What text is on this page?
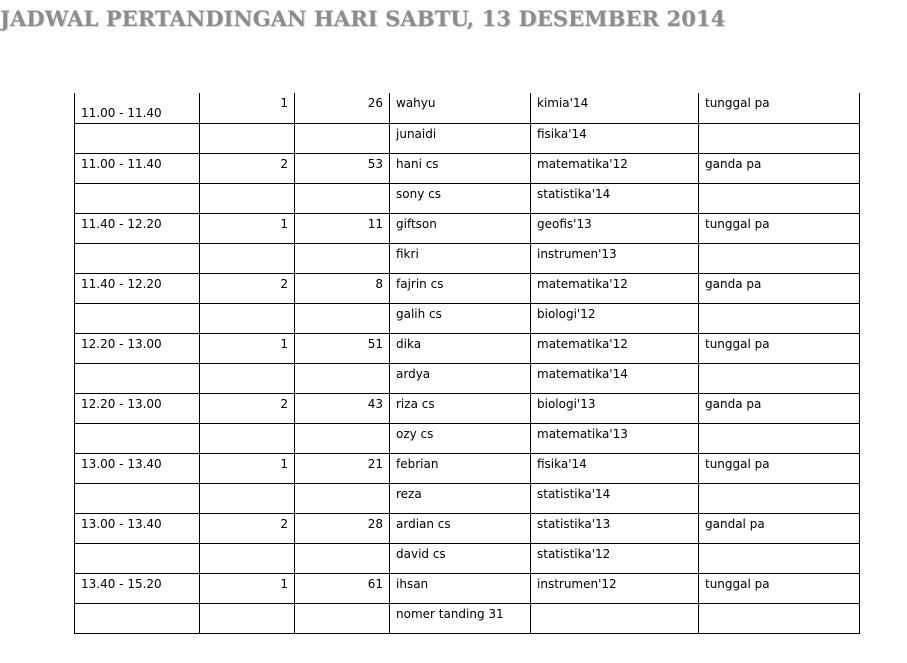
JADWAL PERTANDINGAN HARI SABTU, 13 DESEMBER 2014
11.00 - 11.40	1	26	wahyu	kimia'14	tunggal pa

			junaidi	fisika'14	

11.00 - 11.40	2	53	hani cs	matematika'12	ganda pa

			sony cs	statistika'14	

11.40 - 12.20	1	11	giftson	geofis'13	tunggal pa

			fikri	instrumen'13	

11.40 - 12.20	2	8	fajrin cs	matematika'12	ganda pa

			galih cs	biologi'12	

12.20 - 13.00	1	51	dika	matematika'12	tunggal pa

			ardya	matematika'14	

12.20 - 13.00	2	43	riza cs	biologi'13	ganda pa

			ozy cs	matematika'13	

13.00 - 13.40	1	21	febrian	fisika'14	tunggal pa

			reza	statistika'14	

13.00 - 13.40	2	28	ardian cs	statistika'13	gandal pa

			david cs	statistika'12	

13.40 - 15.20	1	61	ihsan	instrumen'12	tunggal pa

			nomer tanding 31		
